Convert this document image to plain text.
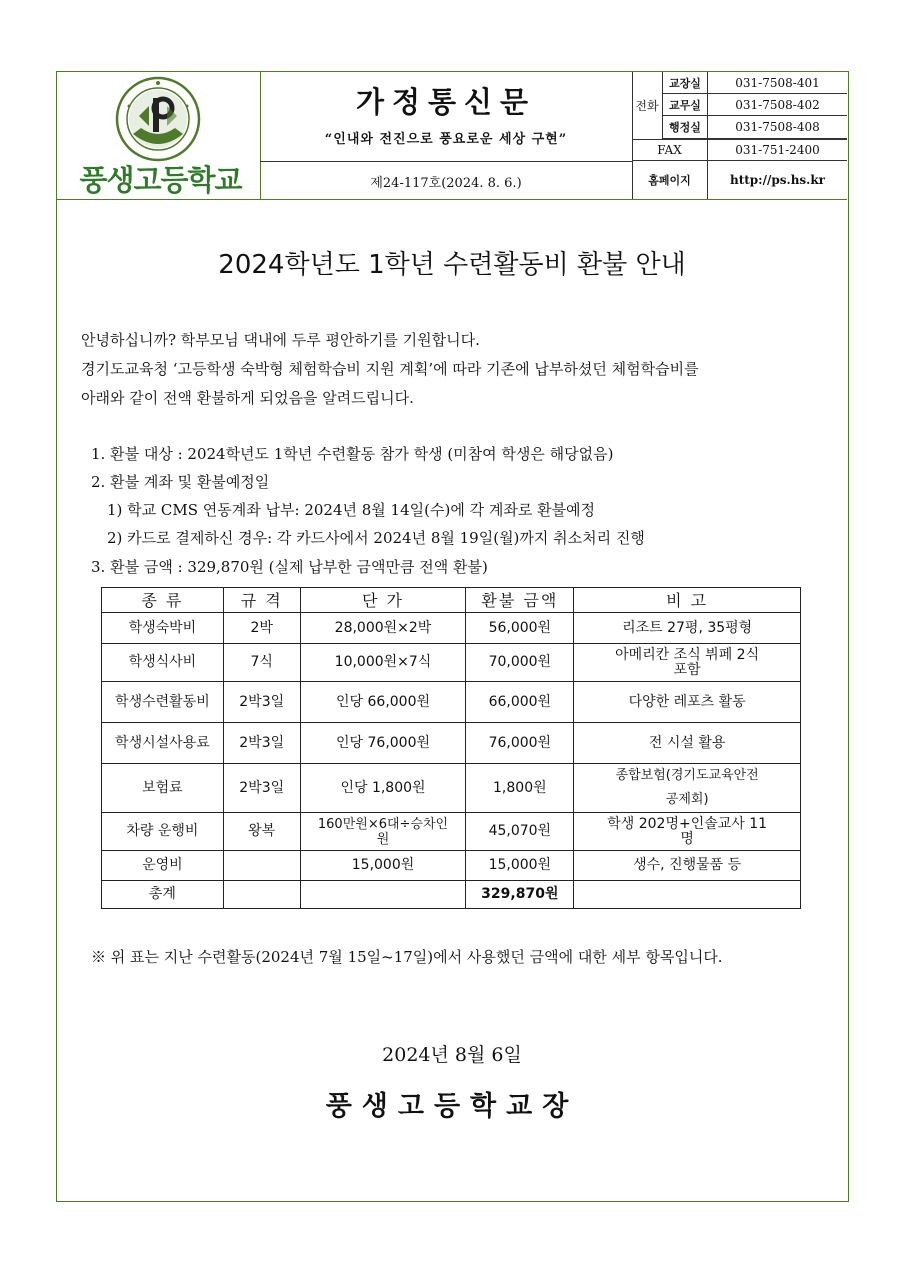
풍생고등학교
가정통신문
“인내와 전진으로 풍요로운 세상 구현”
제24-117호(2024. 8. 6.)
전화
교장실	031-7508-401
교무실	031-7508-402
행정실	031-7508-408
FAX	031-751-2400
홈페이지	http://ps.hs.kr
2024학년도 1학년 수련활동비 환불 안내
안녕하십니까? 학부모님 댁내에 두루 평안하기를 기원합니다.
경기도교육청 ‘고등학생 숙박형 체험학습비 지원 계획’에 따라 기존에 납부하셨던 체험학습비를
아래와 같이 전액 환불하게 되었음을 알려드립니다.
1. 환불 대상 : 2024학년도 1학년 수련활동 참가 학생 (미참여 학생은 해당없음)
2. 환불 계좌 및 환불예정일
1) 학교 CMS 연동계좌 납부: 2024년 8월 14일(수)에 각 계좌로 환불예정
2) 카드로 결제하신 경우: 각 카드사에서 2024년 8월 19일(월)까지 취소처리 진행
3. 환불 금액 : 329,870원 (실제 납부한 금액만큼 전액 환불)
종 류	규 격	단 가	환불 금액	비 고
학생숙박비	2박	28,000원×2박	56,000원	리조트 27평, 35평형
학생식사비	7식	10,000원×7식	70,000원	아메리칸 조식 뷔페 2식 포함
학생수련활동비	2박3일	인당 66,000원	66,000원	다양한 레포츠 활동
학생시설사용료	2박3일	인당 76,000원	76,000원	전 시설 활용
보험료	2박3일	인당 1,800원	1,800원	종합보험(경기도교육안전공제회)
차량 운행비	왕복	160만원×6대÷승차인원	45,070원	학생 202명+인솔교사 11명
운영비		15,000원	15,000원	생수, 진행물품 등
총계			329,870원	
※ 위 표는 지난 수련활동(2024년 7월 15일~17일)에서 사용했던 금액에 대한 세부 항목입니다.
2024년 8월 6일
풍생고등학교장
